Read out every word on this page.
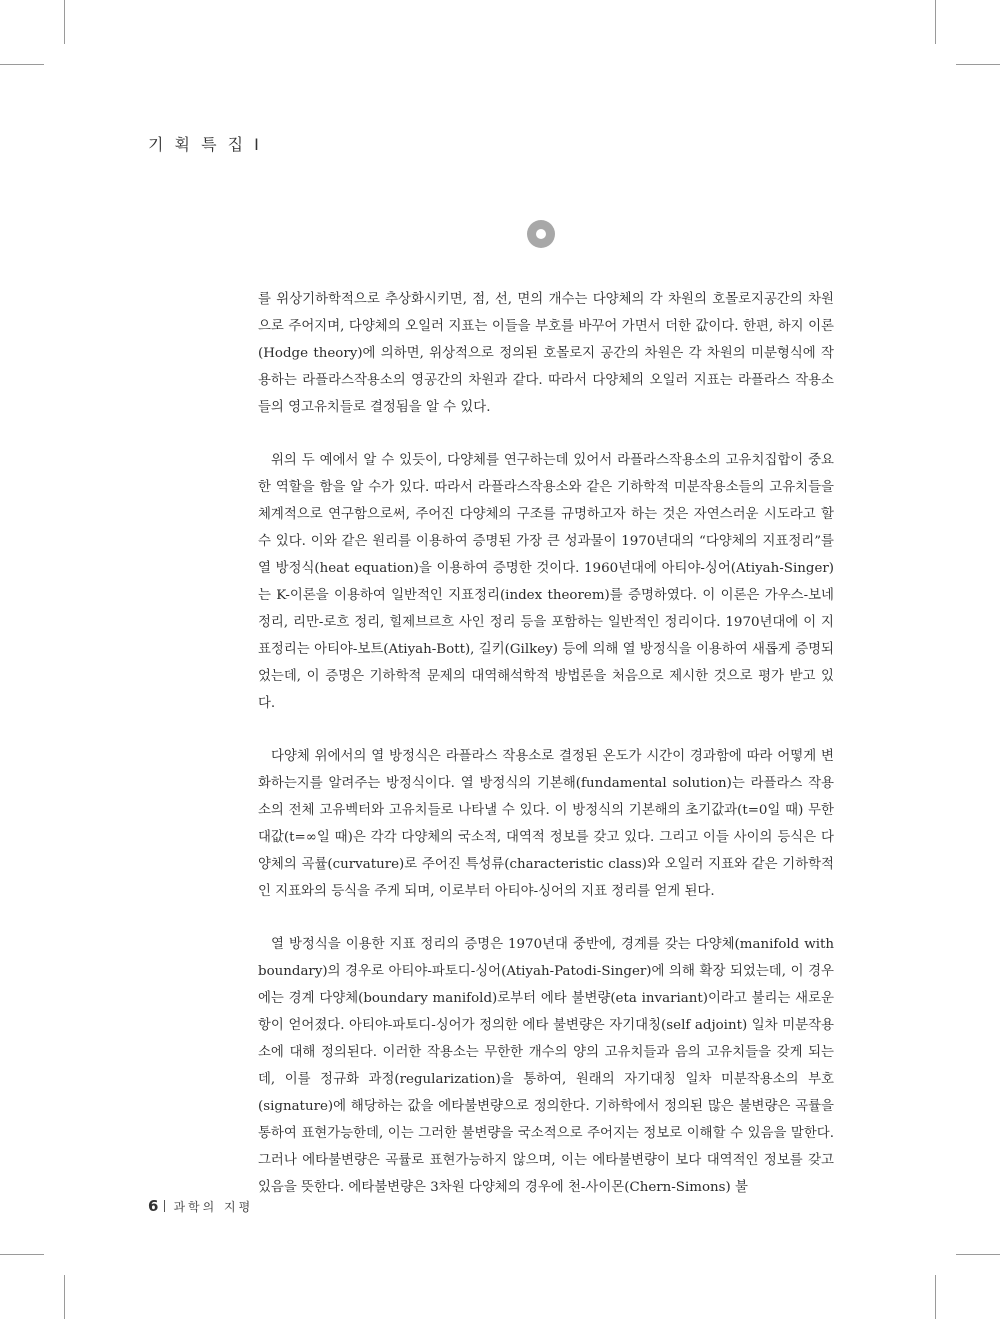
기 획 특 집 I

를 위상기하학적으로 추상화시키면, 점, 선, 면의 개수는 다양체의 각 차원의 호몰로지공간의 차원으로 주어지며, 다양체의 오일러 지표는 이들을 부호를 바꾸어 가면서 더한 값이다. 한편, 하지 이론(Hodge theory)에 의하면, 위상적으로 정의된 호몰로지 공간의 차원은 각 차원의 미분형식에 작용하는 라플라스작용소의 영공간의 차원과 같다. 따라서 다양체의 오일러 지표는 라플라스 작용소들의 영고유치들로 결정됨을 알 수 있다.

위의 두 예에서 알 수 있듯이, 다양체를 연구하는데 있어서 라플라스작용소의 고유치집합이 중요한 역할을 함을 알 수가 있다. 따라서 라플라스작용소와 같은 기하학적 미분작용소들의 고유치들을 체계적으로 연구함으로써, 주어진 다양체의 구조를 규명하고자 하는 것은 자연스러운 시도라고 할 수 있다. 이와 같은 원리를 이용하여 증명된 가장 큰 성과물이 1970년대의 “다양체의 지표정리”를 열 방정식(heat equation)을 이용하여 증명한 것이다. 1960년대에 아티야-싱어(Atiyah-Singer)는 K-이론을 이용하여 일반적인 지표정리(index theorem)를 증명하였다. 이 이론은 가우스-보네 정리, 리만-로흐 정리, 힐제브르흐 사인 정리 등을 포함하는 일반적인 정리이다. 1970년대에 이 지표정리는 아티야-보트(Atiyah-Bott), 길키(Gilkey) 등에 의해 열 방정식을 이용하여 새롭게 증명되었는데, 이 증명은 기하학적 문제의 대역해석학적 방법론을 처음으로 제시한 것으로 평가 받고 있다.

다양체 위에서의 열 방정식은 라플라스 작용소로 결정된 온도가 시간이 경과함에 따라 어떻게 변화하는지를 알려주는 방정식이다. 열 방정식의 기본해(fundamental solution)는 라플라스 작용소의 전체 고유벡터와 고유치들로 나타낼 수 있다. 이 방정식의 기본해의 초기값과(t=0일 때) 무한대값(t=∞일 때)은 각각 다양체의 국소적, 대역적 정보를 갖고 있다. 그리고 이들 사이의 등식은 다양체의 곡률(curvature)로 주어진 특성류(characteristic class)와 오일러 지표와 같은 기하학적인 지표와의 등식을 주게 되며, 이로부터 아티야-싱어의 지표 정리를 얻게 된다.

열 방정식을 이용한 지표 정리의 증명은 1970년대 중반에, 경계를 갖는 다양체(manifold with boundary)의 경우로 아티야-파토디-싱어(Atiyah-Patodi-Singer)에 의해 확장 되었는데, 이 경우에는 경계 다양체(boundary manifold)로부터 에타 불변량(eta invariant)이라고 불리는 새로운 항이 얻어졌다. 아티야-파토디-싱어가 정의한 에타 불변량은 자기대칭(self adjoint) 일차 미분작용소에 대해 정의된다. 이러한 작용소는 무한한 개수의 양의 고유치들과 음의 고유치들을 갖게 되는데, 이를 정규화 과정(regularization)을 통하여, 원래의 자기대칭 일차 미분작용소의 부호(signature)에 해당하는 값을 에타불변량으로 정의한다. 기하학에서 정의된 많은 불변량은 곡률을 통하여 표현가능한데, 이는 그러한 불변량을 국소적으로 주어지는 정보로 이해할 수 있음을 말한다. 그러나 에타불변량은 곡률로 표현가능하지 않으며, 이는 에타불변량이 보다 대역적인 정보를 갖고 있음을 뜻한다. 에타불변량은 3차원 다양체의 경우에 천-사이몬(Chern-Simons) 불

6 과학의 지평
